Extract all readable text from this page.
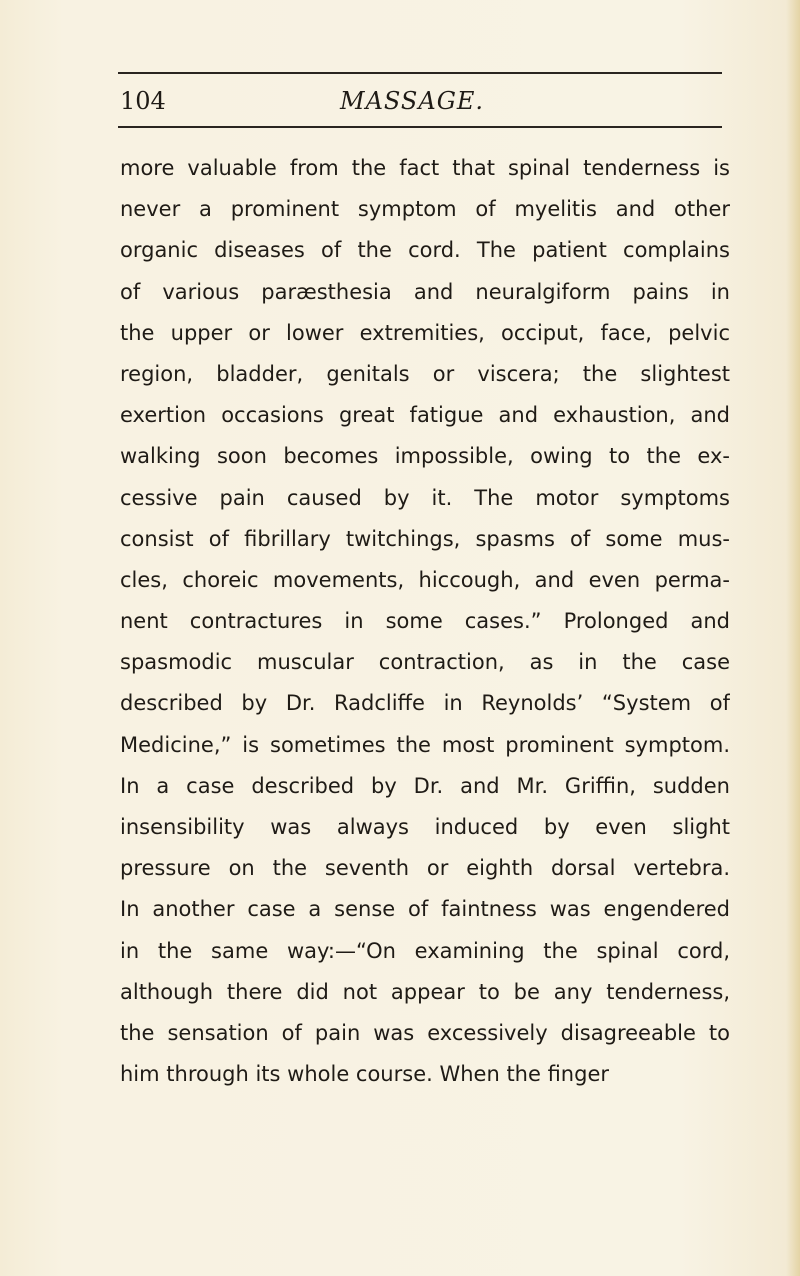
104	MASSAGE.
more valuable from the fact that spinal tenderness is
never a prominent symptom of myelitis and other
organic diseases of the cord. The patient complains
of various paræsthesia and neuralgiform pains in
the upper or lower extremities, occiput, face, pelvic
region, bladder, genitals or viscera; the slightest
exertion occasions great fatigue and exhaustion, and
walking soon becomes impossible, owing to the ex-
cessive pain caused by it. The motor symptoms
consist of fibrillary twitchings, spasms of some mus-
cles, choreic movements, hiccough, and even perma-
nent contractures in some cases.” Prolonged and
spasmodic muscular contraction, as in the case
described by Dr. Radcliffe in Reynolds’ “System of
Medicine,” is sometimes the most prominent symptom.
In a case described by Dr. and Mr. Griffin, sudden
insensibility was always induced by even slight
pressure on the seventh or eighth dorsal vertebra.
In another case a sense of faintness was engendered
in the same way:—“On examining the spinal cord,
although there did not appear to be any tenderness,
the sensation of pain was excessively disagreeable to
him through its whole course. When the finger
